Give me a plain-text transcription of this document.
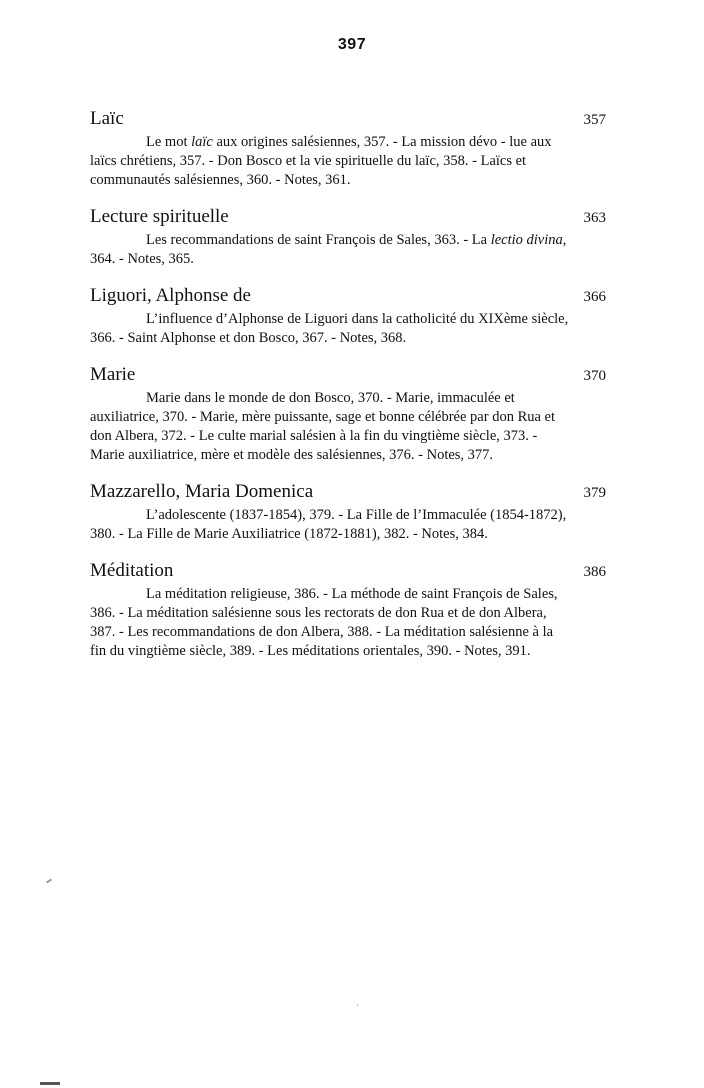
397
Laïc	357
Le mot laïc aux origines salésiennes, 357. - La mission dévo - lue aux laïcs chrétiens, 357. - Don Bosco et la vie spirituelle du laïc, 358. - Laïcs et communautés salésiennes, 360. - Notes, 361.
Lecture spirituelle	363
Les recommandations de saint François de Sales, 363. - La lectio divina, 364. - Notes, 365.
Liguori, Alphonse de	366
L’influence d’Alphonse de Liguori dans la catholicité du XIXème siècle, 366. - Saint Alphonse et don Bosco, 367. - Notes, 368.
Marie	370
Marie dans le monde de don Bosco, 370. - Marie, immaculée et auxiliatrice, 370. - Marie, mère puissante, sage et bonne célébrée par don Rua et don Albera, 372. - Le culte marial salésien à la fin du vingtième siècle, 373. - Marie auxiliatrice, mère et modèle des salésiennes, 376. - Notes, 377.
Mazzarello, Maria Domenica	379
L’adolescente (1837-1854), 379. - La Fille de l’Immaculée (1854-1872), 380. - La Fille de Marie Auxiliatrice (1872-1881), 382. - Notes, 384.
Méditation	386
La méditation religieuse, 386. - La méthode de saint François de Sales, 386. - La méditation salésienne sous les rectorats de don Rua et de don Albera, 387. - Les recommandations de don Albera, 388. - La méditation salésienne à la fin du vingtième siècle, 389. - Les méditations orientales, 390. - Notes, 391.
